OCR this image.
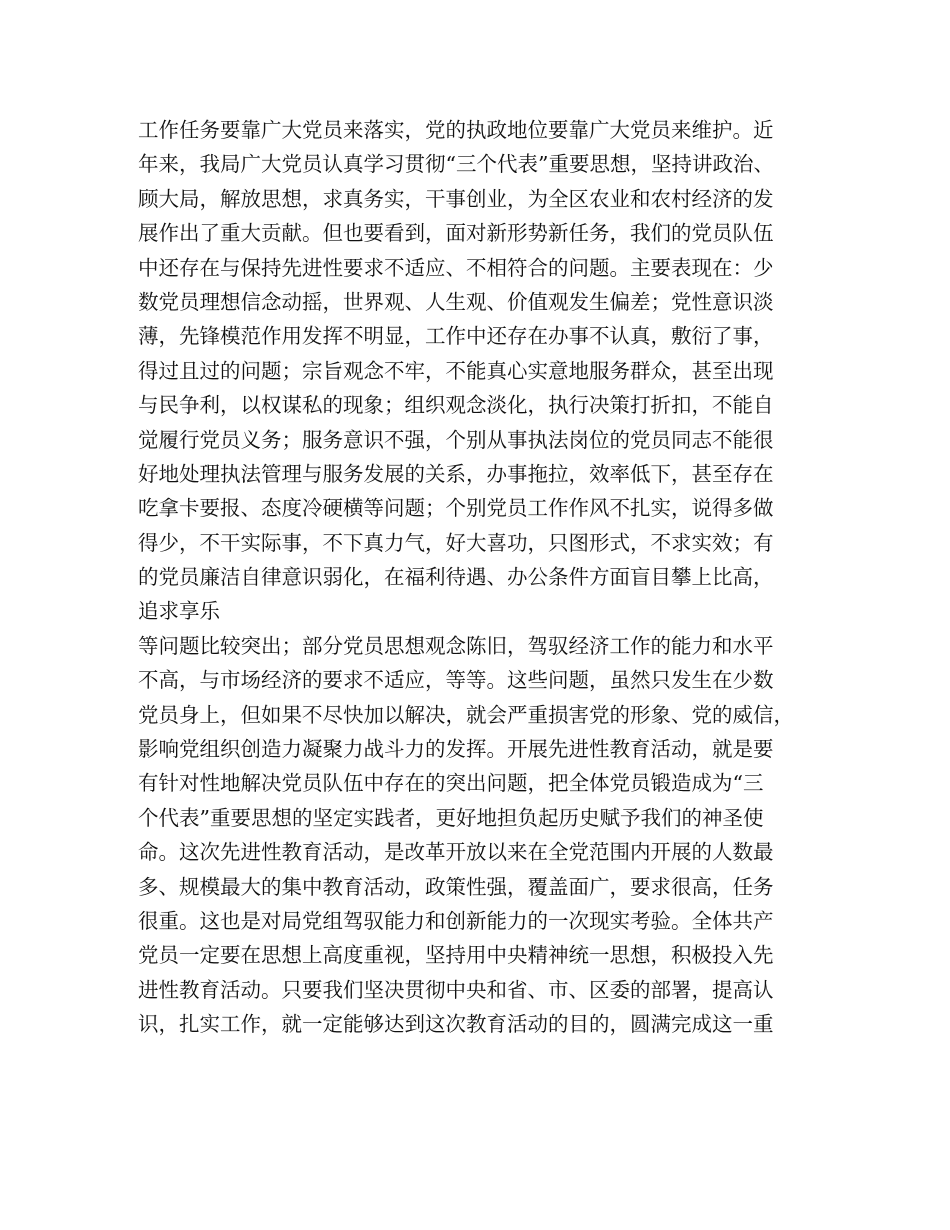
工作任务要靠广大党员来落实，党的执政地位要靠广大党员来维护。近
年来，我局广大党员认真学习贯彻“三个代表”重要思想，坚持讲政治、
顾大局，解放思想，求真务实，干事创业，为全区农业和农村经济的发
展作出了重大贡献。但也要看到，面对新形势新任务，我们的党员队伍
中还存在与保持先进性要求不适应、不相符合的问题。主要表现在：少
数党员理想信念动摇，世界观、人生观、价值观发生偏差；党性意识淡
薄，先锋模范作用发挥不明显，工作中还存在办事不认真，敷衍了事，
得过且过的问题；宗旨观念不牢，不能真心实意地服务群众，甚至出现
与民争利，以权谋私的现象；组织观念淡化，执行决策打折扣，不能自
觉履行党员义务；服务意识不强，个别从事执法岗位的党员同志不能很
好地处理执法管理与服务发展的关系，办事拖拉，效率低下，甚至存在
吃拿卡要报、态度冷硬横等问题；个别党员工作作风不扎实，说得多做
得少，不干实际事，不下真力气，好大喜功，只图形式，不求实效；有
的党员廉洁自律意识弱化，在福利待遇、办公条件方面盲目攀上比高，
追求享乐
等问题比较突出；部分党员思想观念陈旧，驾驭经济工作的能力和水平
不高，与市场经济的要求不适应，等等。这些问题，虽然只发生在少数
党员身上，但如果不尽快加以解决，就会严重损害党的形象、党的威信，
影响党组织创造力凝聚力战斗力的发挥。开展先进性教育活动，就是要
有针对性地解决党员队伍中存在的突出问题，把全体党员锻造成为“三
个代表”重要思想的坚定实践者，更好地担负起历史赋予我们的神圣使
命。这次先进性教育活动，是改革开放以来在全党范围内开展的人数最
多、规模最大的集中教育活动，政策性强，覆盖面广，要求很高，任务
很重。这也是对局党组驾驭能力和创新能力的一次现实考验。全体共产
党员一定要在思想上高度重视，坚持用中央精神统一思想，积极投入先
进性教育活动。只要我们坚决贯彻中央和省、市、区委的部署，提高认
识，扎实工作，就一定能够达到这次教育活动的目的，圆满完成这一重
